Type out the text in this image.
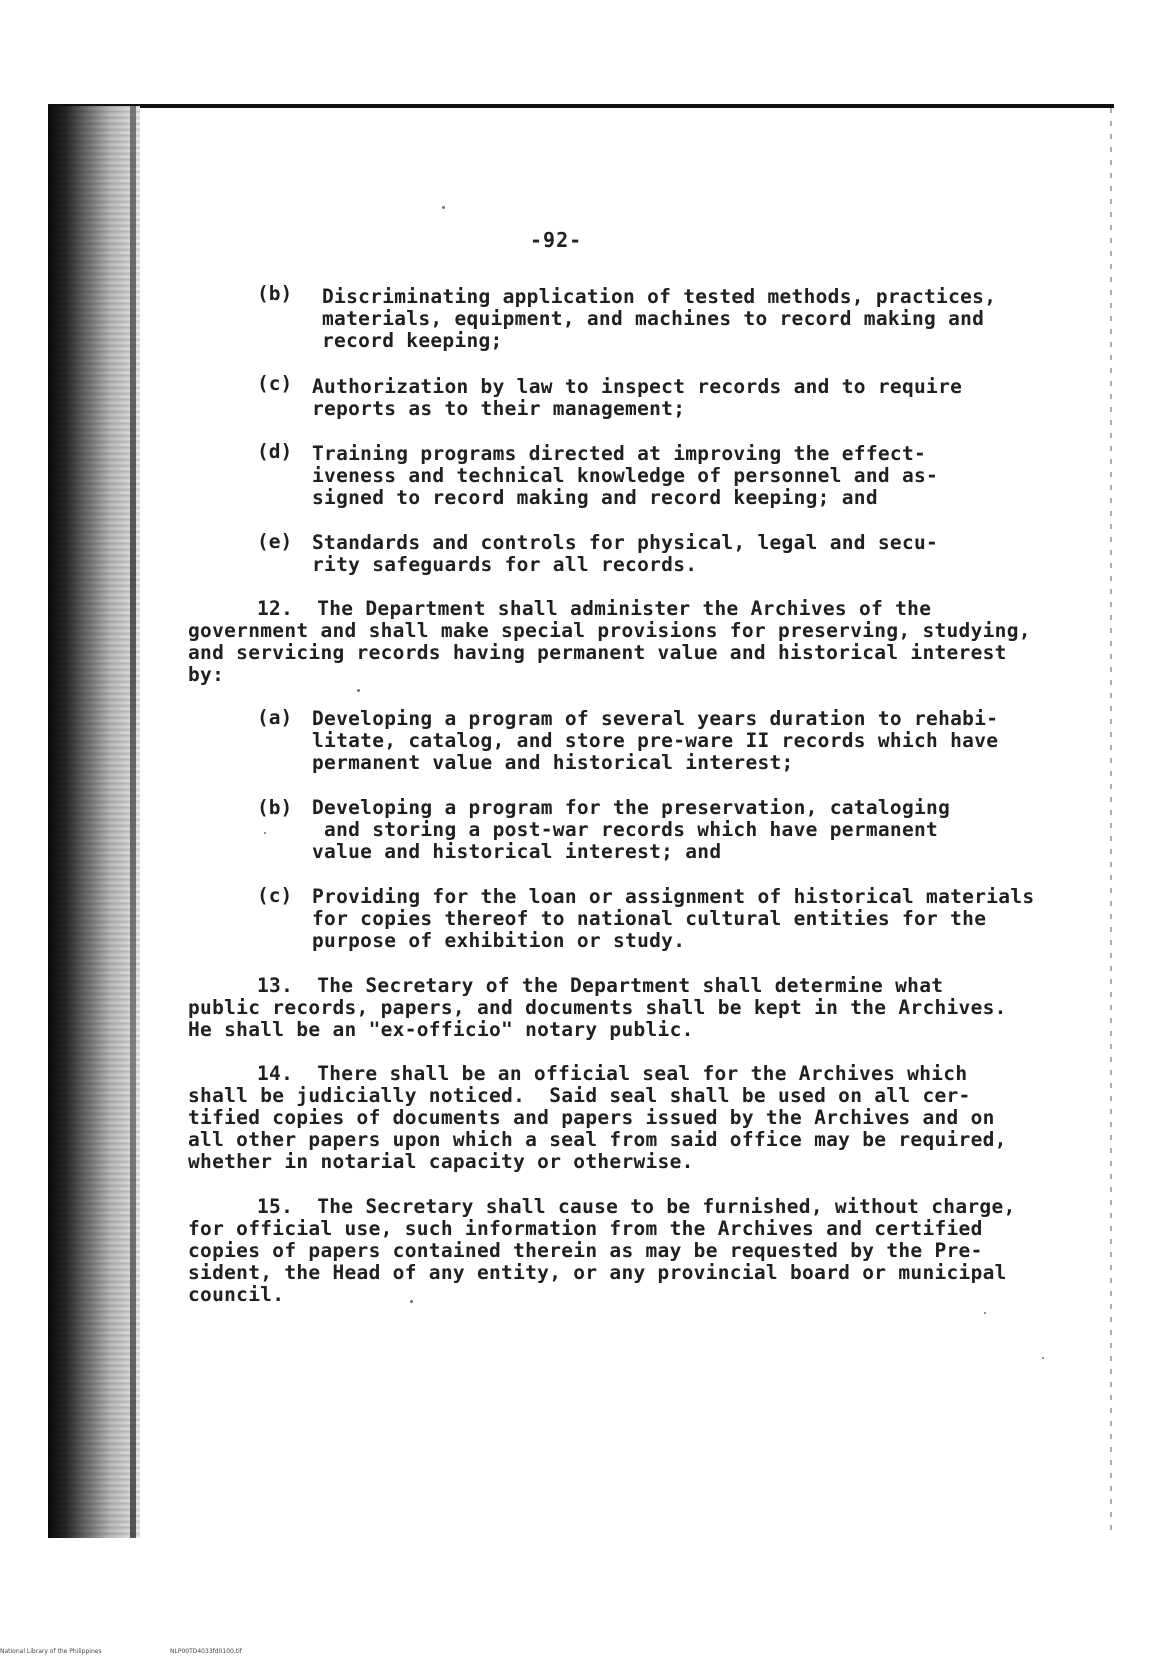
-92-
(b) Discriminating application of tested methods, practices,
materials, equipment, and machines to record making and
record keeping;
(c) Authorization by law to inspect records and to require
reports as to their management;
(d) Training programs directed at improving the effect-
iveness and technical knowledge of personnel and as-
signed to record making and record keeping; and
(e) Standards and controls for physical, legal and secu-
rity safeguards for all records.
12.  The Department shall administer the Archives of the
government and shall make special provisions for preserving, studying,
and servicing records having permanent value and historical interest
by:
(a) Developing a program of several years duration to rehabi-
litate, catalog, and store pre-ware II records which have
permanent value and historical interest;
(b) Developing a program for the preservation, cataloging
and storing a post-war records which have permanent
value and historical interest; and
(c) Providing for the loan or assignment of historical materials
for copies thereof to national cultural entities for the
purpose of exhibition or study.
13.  The Secretary of the Department shall determine what
public records, papers, and documents shall be kept in the Archives.
He shall be an "ex-officio" notary public.
14.  There shall be an official seal for the Archives which
shall be judicially noticed.  Said seal shall be used on all cer-
tified copies of documents and papers issued by the Archives and on
all other papers upon which a seal from said office may be required,
whether in notarial capacity or otherwise.
15.  The Secretary shall cause to be furnished, without charge,
for official use, such information from the Archives and certified
copies of papers contained therein as may be requested by the Pre-
sident, the Head of any entity, or any provincial board or municipal
council.
National Library of the Philippines	NLP00TD4033fd0100.tif
